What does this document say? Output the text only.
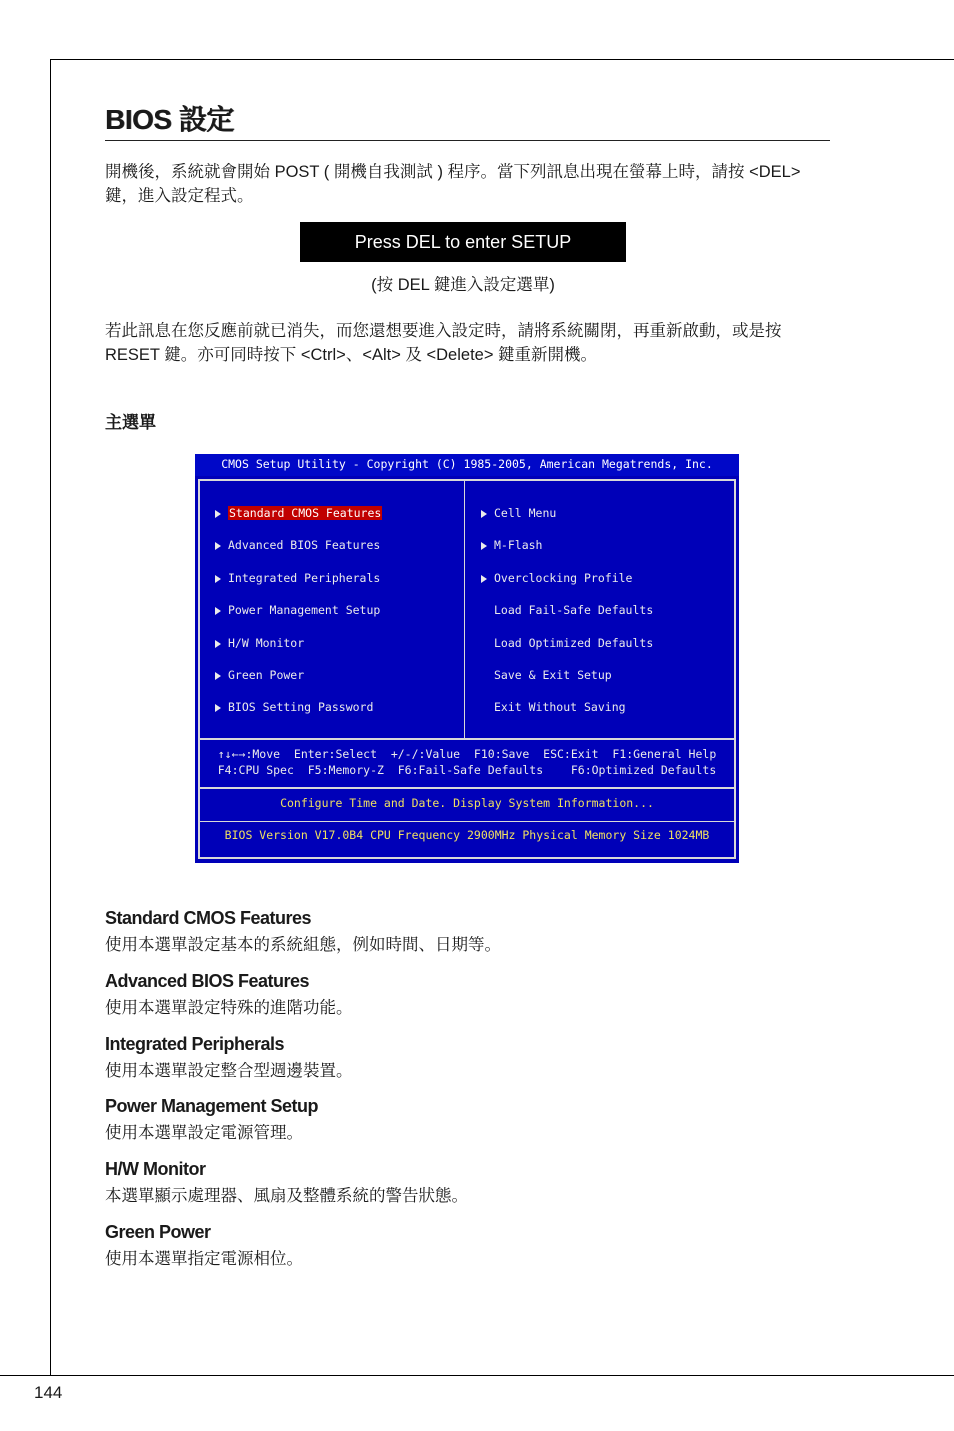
BIOS 設定
開機後，系統就會開始 POST ( 開機自我測試 ) 程序。當下列訊息出現在螢幕上時，請按 <DEL> 鍵，進入設定程式。
Press DEL to enter SETUP
(按 DEL 鍵進入設定選單)
若此訊息在您反應前就已消失，而您還想要進入設定時，請將系統關閉，再重新啟動，或是按 RESET 鍵。亦可同時按下 <Ctrl>、<Alt> 及 <Delete> 鍵重新開機。
主選單
CMOS Setup Utility - Copyright (C) 1985-2005, American Megatrends, Inc.
Standard CMOS Features
Advanced BIOS Features
Integrated Peripherals
Power Management Setup
H/W Monitor
Green Power
BIOS Setting Password
Cell Menu
M-Flash
Overclocking Profile
Load Fail-Safe Defaults
Load Optimized Defaults
Save & Exit Setup
Exit Without Saving
↑↓←→:Move  Enter:Select  +/-/:Value  F10:Save  ESC:Exit  F1:General Help
F4:CPU Spec  F5:Memory-Z  F6:Fail-Safe Defaults    F6:Optimized Defaults
Configure Time and Date. Display System Information...
BIOS Version V17.0B4 CPU Frequency 2900MHz Physical Memory Size 1024MB
Standard CMOS Features
使用本選單設定基本的系統組態，例如時間、日期等。
Advanced BIOS Features
使用本選單設定特殊的進階功能。
Integrated Peripherals
使用本選單設定整合型週邊裝置。
Power Management Setup
使用本選單設定電源管理。
H/W Monitor
本選單顯示處理器、風扇及整體系統的警告狀態。
Green Power
使用本選單指定電源相位。
144
